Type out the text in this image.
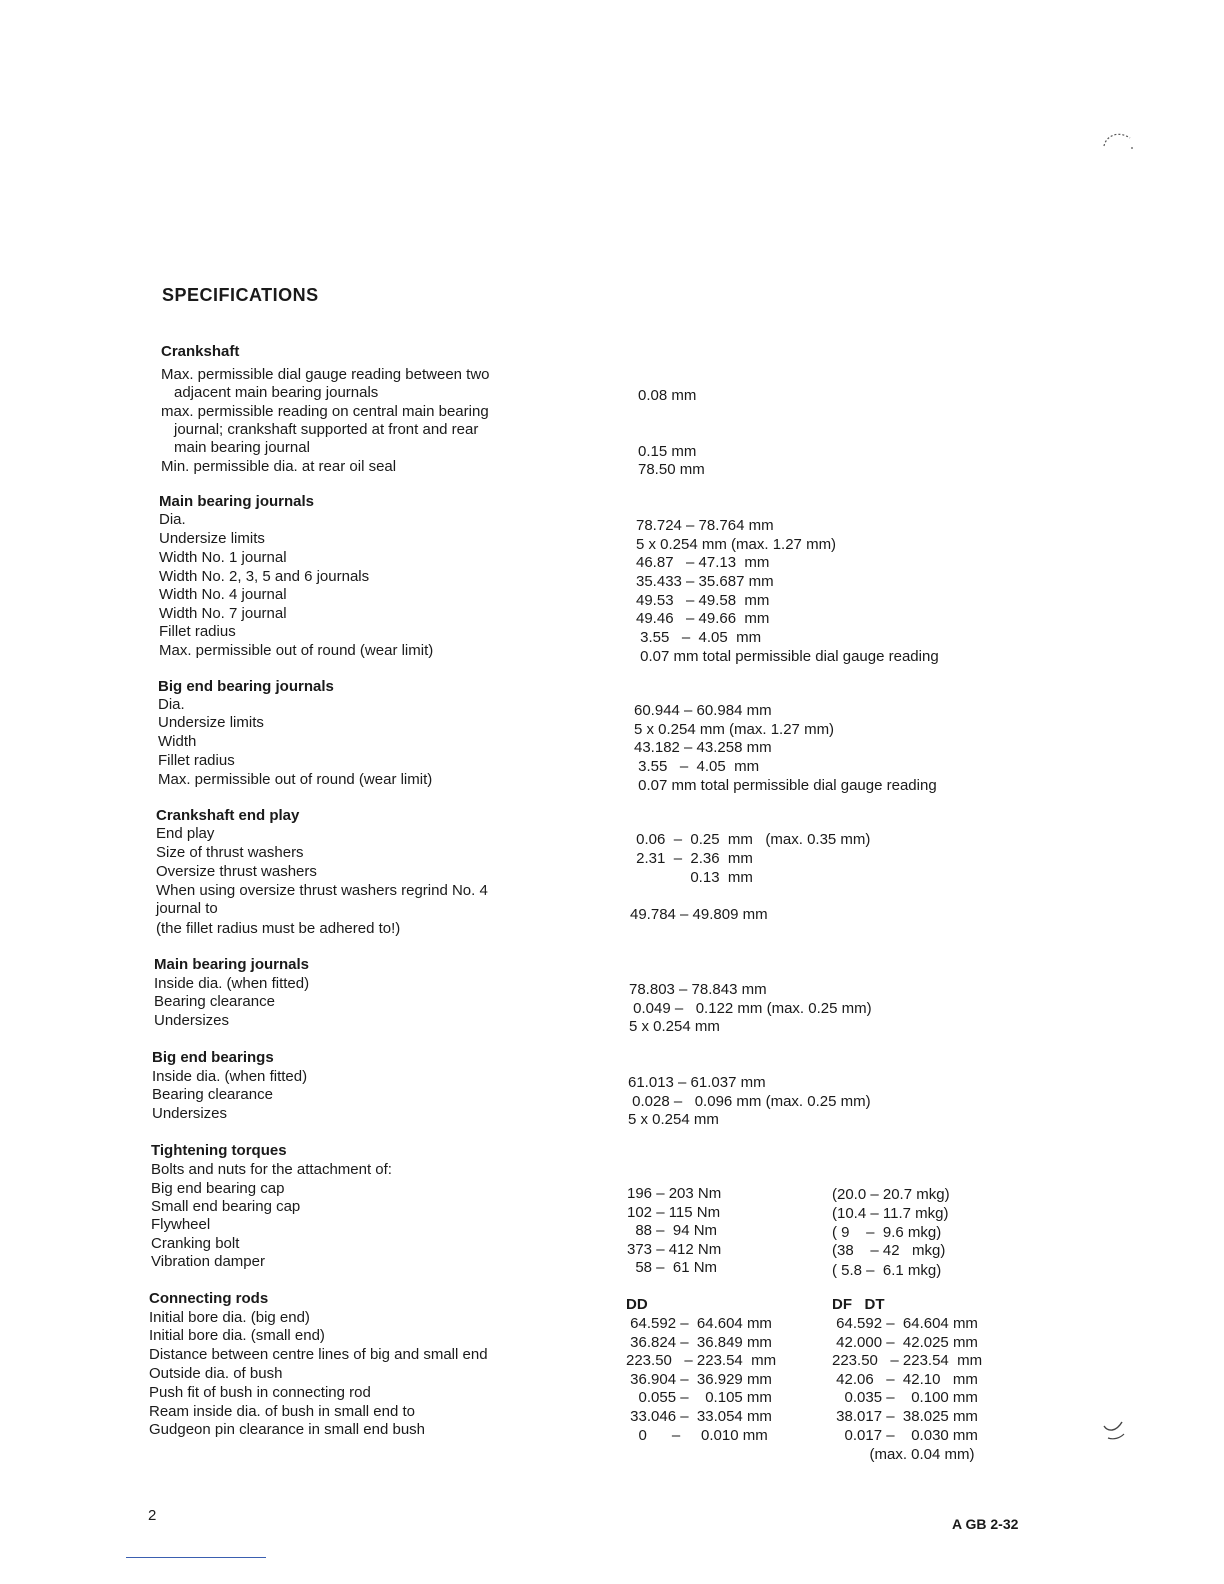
SPECIFICATIONS
Crankshaft
Max. permissible dial gauge reading between two
adjacent main bearing journals
max. permissible reading on central main bearing
journal; crankshaft supported at front and rear
main bearing journal
Min. permissible dia. at rear oil seal
0.08 mm
0.15 mm
78.50 mm
Main bearing journals
Dia.
Undersize limits
Width No. 1 journal
Width No. 2, 3, 5 and 6 journals
Width No. 4 journal
Width No. 7 journal
Fillet radius
Max. permissible out of round (wear limit)
78.724 – 78.764 mm
5 x 0.254 mm (max. 1.27 mm)
46.87   – 47.13  mm
35.433 – 35.687 mm
49.53   – 49.58  mm
49.46   – 49.66  mm
3.55   –  4.05  mm
0.07 mm total permissible dial gauge reading
Big end bearing journals
Dia.
Undersize limits
Width
Fillet radius
Max. permissible out of round (wear limit)
60.944 – 60.984 mm
5 x 0.254 mm (max. 1.27 mm)
43.182 – 43.258 mm
3.55   –  4.05  mm
0.07 mm total permissible dial gauge reading
Crankshaft end play
End play
Size of thrust washers
Oversize thrust washers
When using oversize thrust washers regrind No. 4
journal to
(the fillet radius must be adhered to!)
0.06  –  0.25  mm   (max. 0.35 mm)
2.31  –  2.36  mm
0.13  mm
49.784 – 49.809 mm
Main bearing journals
Inside dia. (when fitted)
Bearing clearance
Undersizes
78.803 – 78.843 mm
0.049 –   0.122 mm (max. 0.25 mm)
5 x 0.254 mm
Big end bearings
Inside dia. (when fitted)
Bearing clearance
Undersizes
61.013 – 61.037 mm
0.028 –   0.096 mm (max. 0.25 mm)
5 x 0.254 mm
Tightening torques
Bolts and nuts for the attachment of:
Big end bearing cap
Small end bearing cap
Flywheel
Cranking bolt
Vibration damper
196 – 203 Nm
102 – 115 Nm
88 –  94 Nm
373 – 412 Nm
58 –  61 Nm
(20.0 – 20.7 mkg)
(10.4 – 11.7 mkg)
( 9    –  9.6 mkg)
(38    – 42   mkg)
( 5.8 –  6.1 mkg)
Connecting rods
Initial bore dia. (big end)
Initial bore dia. (small end)
Distance between centre lines of big and small end
Outside dia. of bush
Push fit of bush in connecting rod
Ream inside dia. of bush in small end to
Gudgeon pin clearance in small end bush
DD	DF   DT
64.592 –  64.604 mm
36.824 –  36.849 mm
223.50   – 223.54  mm
36.904 –  36.929 mm
0.055 –    0.105 mm
33.046 –  33.054 mm
0      –     0.010 mm
64.592 –  64.604 mm
42.000 –  42.025 mm
223.50   – 223.54  mm
42.06   –  42.10   mm
0.035 –    0.100 mm
38.017 –  38.025 mm
0.017 –    0.030 mm
(max. 0.04 mm)
2	A GB 2-32
